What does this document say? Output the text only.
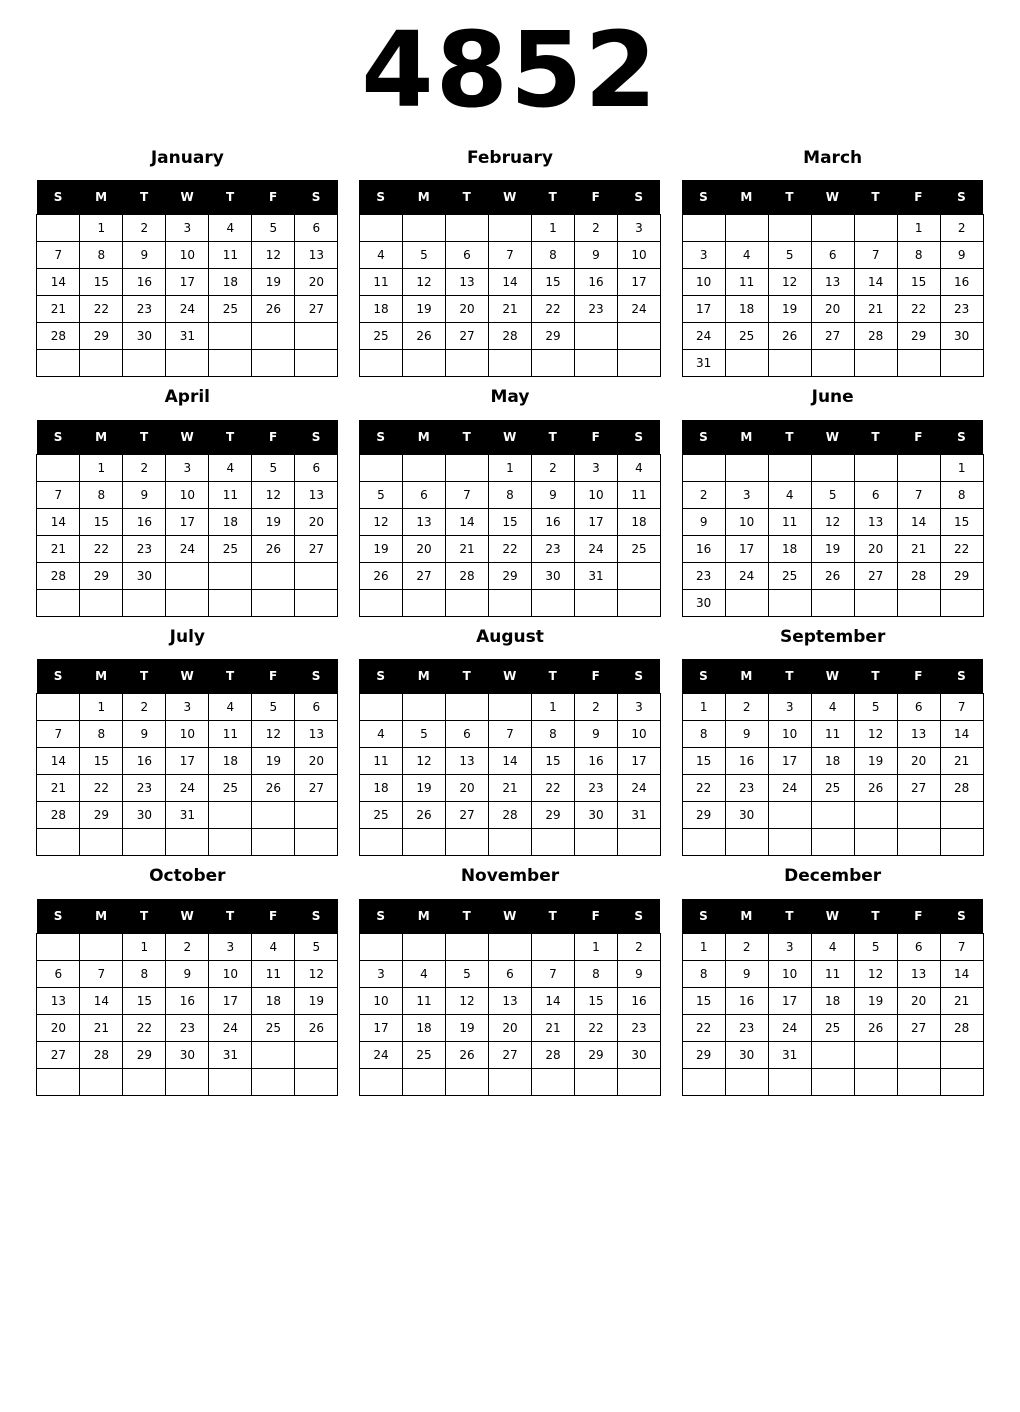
4852
January
S	M	T	W	T	F	S
	1	2	3	4	5	6
7	8	9	10	11	12	13
14	15	16	17	18	19	20
21	22	23	24	25	26	27
28	29	30	31			

February
S	M	T	W	T	F	S
				1	2	3
4	5	6	7	8	9	10
11	12	13	14	15	16	17
18	19	20	21	22	23	24
25	26	27	28	29		

March
S	M	T	W	T	F	S
					1	2
3	4	5	6	7	8	9
10	11	12	13	14	15	16
17	18	19	20	21	22	23
24	25	26	27	28	29	30
31						
April
S	M	T	W	T	F	S
	1	2	3	4	5	6
7	8	9	10	11	12	13
14	15	16	17	18	19	20
21	22	23	24	25	26	27
28	29	30				

May
S	M	T	W	T	F	S
			1	2	3	4
5	6	7	8	9	10	11
12	13	14	15	16	17	18
19	20	21	22	23	24	25
26	27	28	29	30	31	

June
S	M	T	W	T	F	S
						1
2	3	4	5	6	7	8
9	10	11	12	13	14	15
16	17	18	19	20	21	22
23	24	25	26	27	28	29
30						
July
S	M	T	W	T	F	S
	1	2	3	4	5	6
7	8	9	10	11	12	13
14	15	16	17	18	19	20
21	22	23	24	25	26	27
28	29	30	31			

August
S	M	T	W	T	F	S
				1	2	3
4	5	6	7	8	9	10
11	12	13	14	15	16	17
18	19	20	21	22	23	24
25	26	27	28	29	30	31

September
S	M	T	W	T	F	S
1	2	3	4	5	6	7
8	9	10	11	12	13	14
15	16	17	18	19	20	21
22	23	24	25	26	27	28
29	30					

October
S	M	T	W	T	F	S
		1	2	3	4	5
6	7	8	9	10	11	12
13	14	15	16	17	18	19
20	21	22	23	24	25	26
27	28	29	30	31		

November
S	M	T	W	T	F	S
					1	2
3	4	5	6	7	8	9
10	11	12	13	14	15	16
17	18	19	20	21	22	23
24	25	26	27	28	29	30

December
S	M	T	W	T	F	S
1	2	3	4	5	6	7
8	9	10	11	12	13	14
15	16	17	18	19	20	21
22	23	24	25	26	27	28
29	30	31				
